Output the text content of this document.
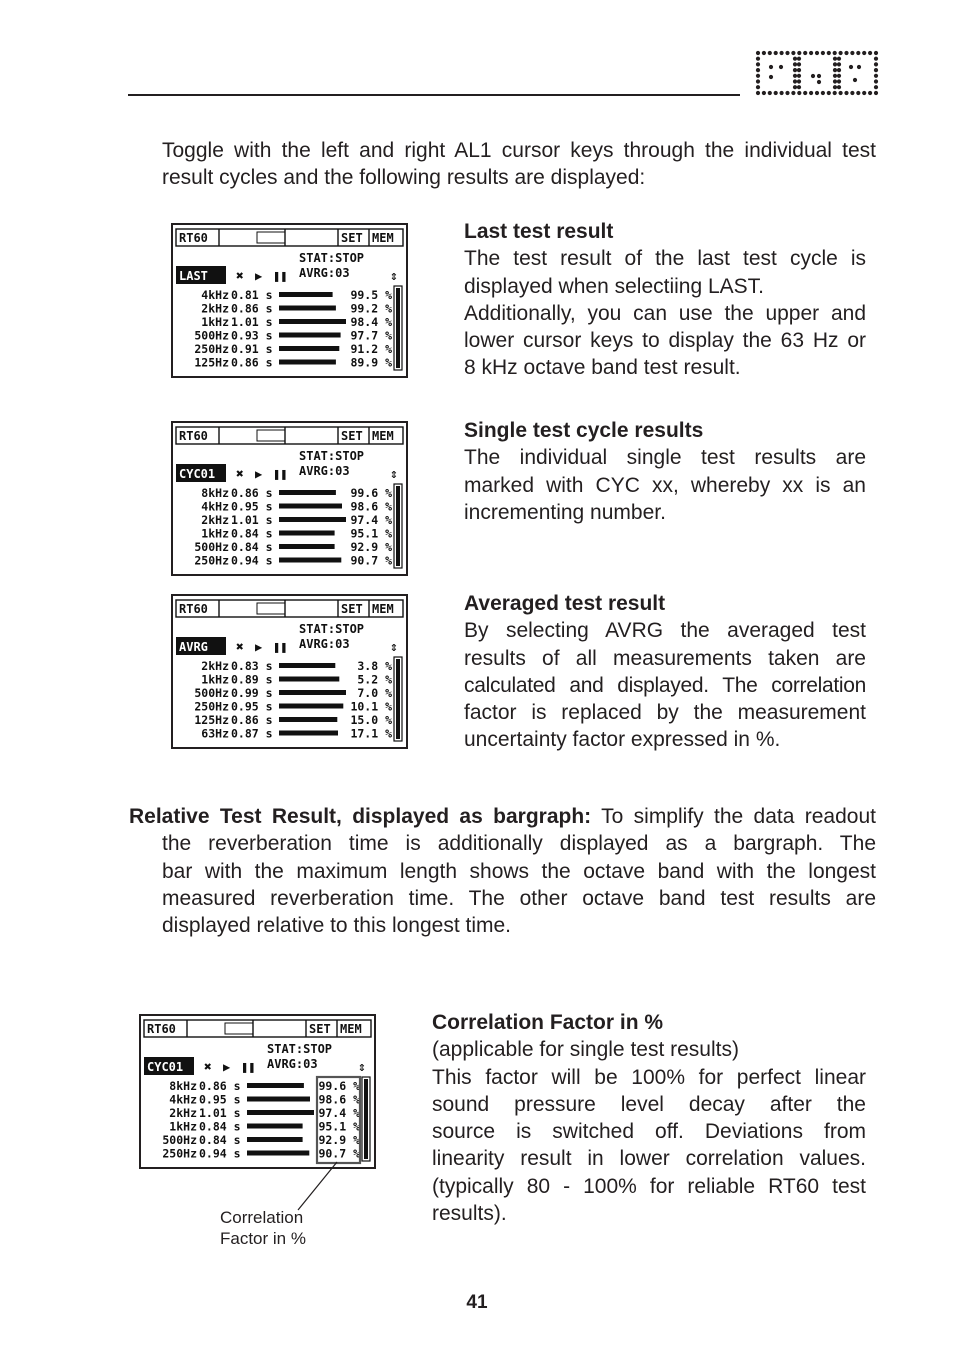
Toggle with the left and right AL1 cursor keys through the individual test result cycles and the following results are displayed:
Last test result
The test result of the last test cycle is
displayed when selectiing LAST.
Additionally, you can use the upper and
lower cursor keys to display the 63 Hz or
8 kHz octave band test result.
Single test cycle results
The individual single test results are
marked with CYC xx, whereby xx is an
incrementing number.
Averaged test result
By selecting AVRG the averaged test
results of all measurements taken are
calculated and displayed. The correlation
factor is replaced by the measurement
uncertainty factor expressed in %.
Relative Test Result, displayed as bargraph: To simplify the data readout
the reverberation time is additionally displayed as a bargraph. The
bar with the maximum length shows the octave band with the longest
measured reverberation time. The other octave band test results are
displayed relative to this longest time.
Correlation Factor in %
(applicable for single test results)
This factor will be 100% for perfect linear
sound pressure level decay after the
source is switched off. Deviations from
linearity result in lower correlation values.
(typically 80 - 100% for reliable RT60 test
results).
RT60	SET MEM
STAT:STOP
LAST ✖ ▶ ❚❚ AVRG:03	⇕
4kHz 0.81 s	99.5 %
2kHz 0.86 s	99.2 %
1kHz 1.01 s	98.4 %
500Hz 0.93 s	97.7 %
250Hz 0.91 s	91.2 %
125Hz 0.86 s	89.9 %
RT60	SET MEM
STAT:STOP
CYC01 ✖ ▶ ❚❚ AVRG:03	⇕
8kHz 0.86 s	99.6 %
4kHz 0.95 s	98.6 %
2kHz 1.01 s	97.4 %
1kHz 0.84 s	95.1 %
500Hz 0.84 s	92.9 %
250Hz 0.94 s	90.7 %
RT60	SET MEM
STAT:STOP
AVRG ✖ ▶ ❚❚ AVRG:03	⇕
2kHz 0.83 s	3.8 %
1kHz 0.89 s	5.2 %
500Hz 0.99 s	7.0 %
250Hz 0.95 s	10.1 %
125Hz 0.86 s	15.0 %
63Hz 0.87 s	17.1 %
RT60	SET MEM
STAT:STOP
CYC01 ✖ ▶ ❚❚ AVRG:03	⇕
8kHz 0.86 s	99.6 %
4kHz 0.95 s	98.6 %
2kHz 1.01 s	97.4 %
1kHz 0.84 s	95.1 %
500Hz 0.84 s	92.9 %
250Hz 0.94 s	90.7 %
Correlation
Factor in %
41
